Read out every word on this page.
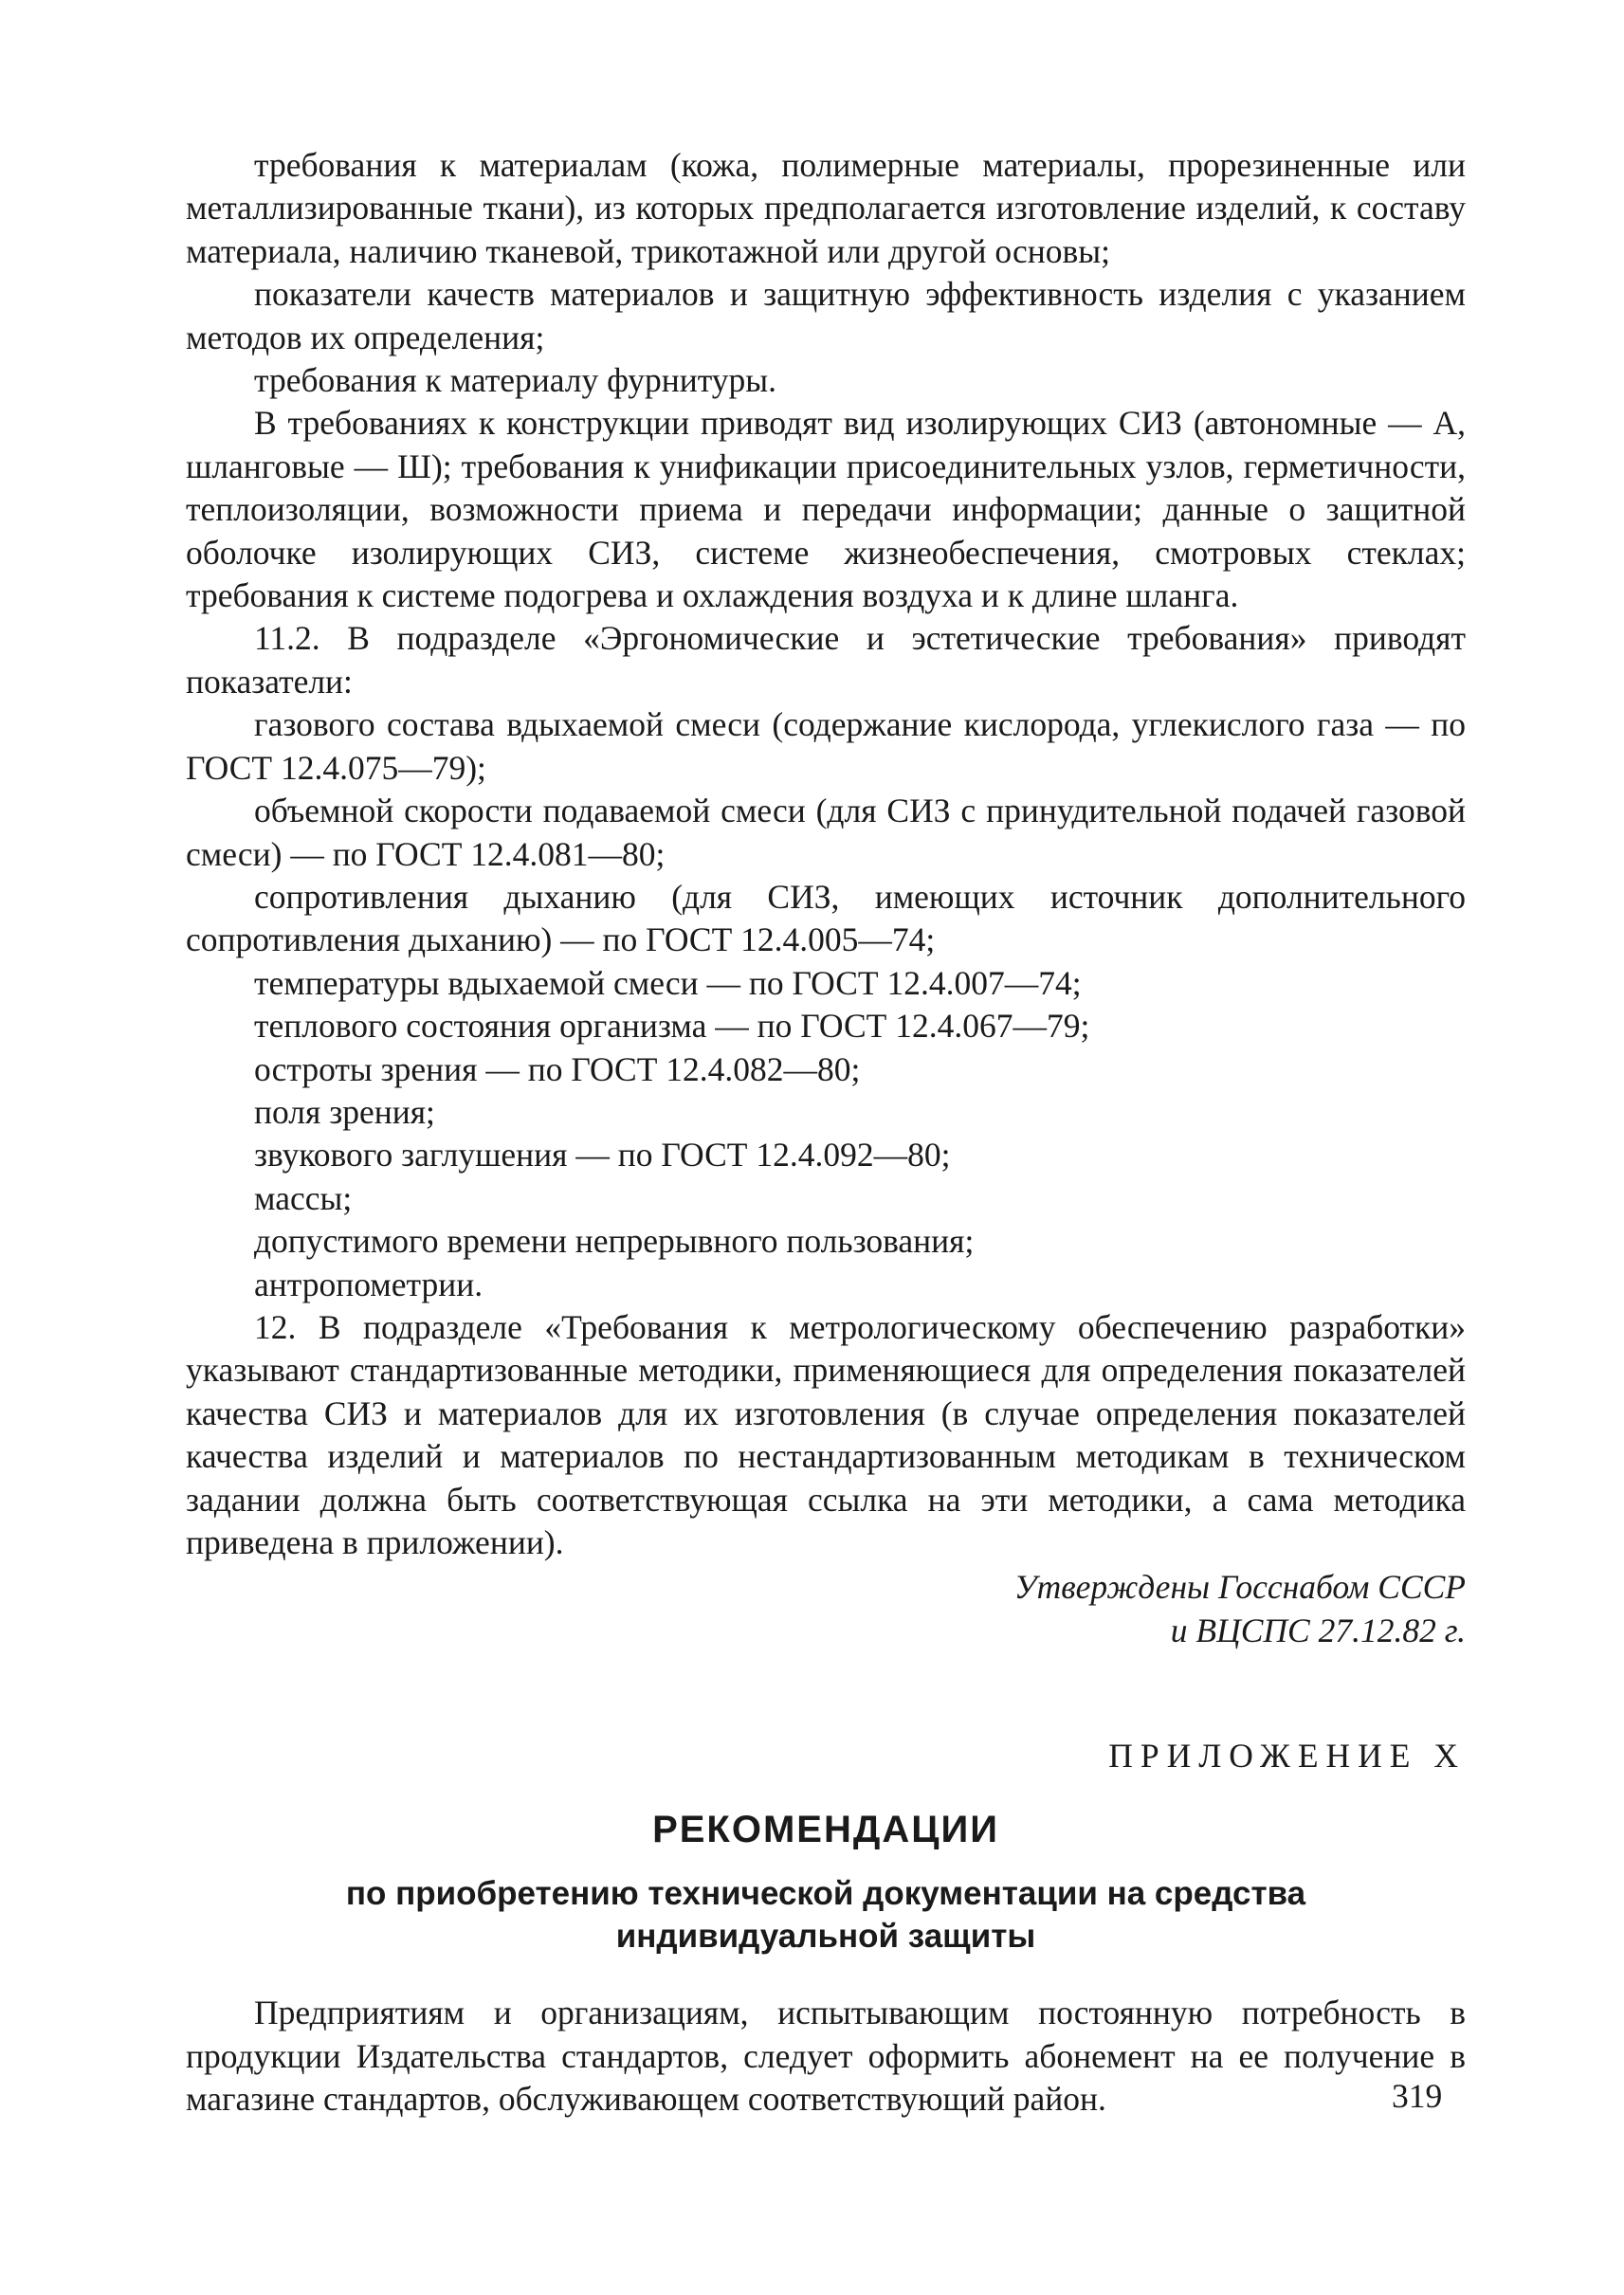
требования к материалам (кожа, полимерные материалы, прорезиненные или металлизированные ткани), из которых предполагается изготовление изделий, к составу материала, наличию тканевой, трикотажной или другой основы;

показатели качеств материалов и защитную эффективность изделия с указанием методов их определения;

требования к материалу фурнитуры.

В требованиях к конструкции приводят вид изолирующих СИЗ (автономные — А, шланговые — Ш); требования к унификации присоединительных узлов, герметичности, теплоизоляции, возможности приема и передачи информации; данные о защитной оболочке изолирующих СИЗ, системе жизнеобеспечения, смотровых стеклах; требования к системе подогрева и охлаждения воздуха и к длине шланга.

11.2. В подразделе «Эргономические и эстетические требования» приводят показатели:

газового состава вдыхаемой смеси (содержание кислорода, углекислого газа — по ГОСТ 12.4.075—79);

объемной скорости подаваемой смеси (для СИЗ с принудительной подачей газовой смеси) — по ГОСТ 12.4.081—80;

сопротивления дыханию (для СИЗ, имеющих источник дополнительного сопротивления дыханию) — по ГОСТ 12.4.005—74;

температуры вдыхаемой смеси — по ГОСТ 12.4.007—74;

теплового состояния организма — по ГОСТ 12.4.067—79;

остроты зрения — по ГОСТ 12.4.082—80;

поля зрения;

звукового заглушения — по ГОСТ 12.4.092—80;

массы;

допустимого времени непрерывного пользования;

антропометрии.

12. В подразделе «Требования к метрологическому обеспечению разработки» указывают стандартизованные методики, применяющиеся для определения показателей качества СИЗ и материалов для их изготовления (в случае определения показателей качества изделий и материалов по нестандартизованным методикам в техническом задании должна быть соответствующая ссылка на эти методики, а сама методика приведена в приложении).

Утверждены Госснабом СССР

и ВЦСПС 27.12.82 г.

ПРИЛОЖЕНИЕ X

РЕКОМЕНДАЦИИ
по приобретению технической документации на средства
индивидуальной защиты

Предприятиям и организациям, испытывающим постоянную потребность в продукции Издательства стандартов, следует оформить абонемент на ее получение в магазине стандартов, обслуживающем соответствующий район.	319
